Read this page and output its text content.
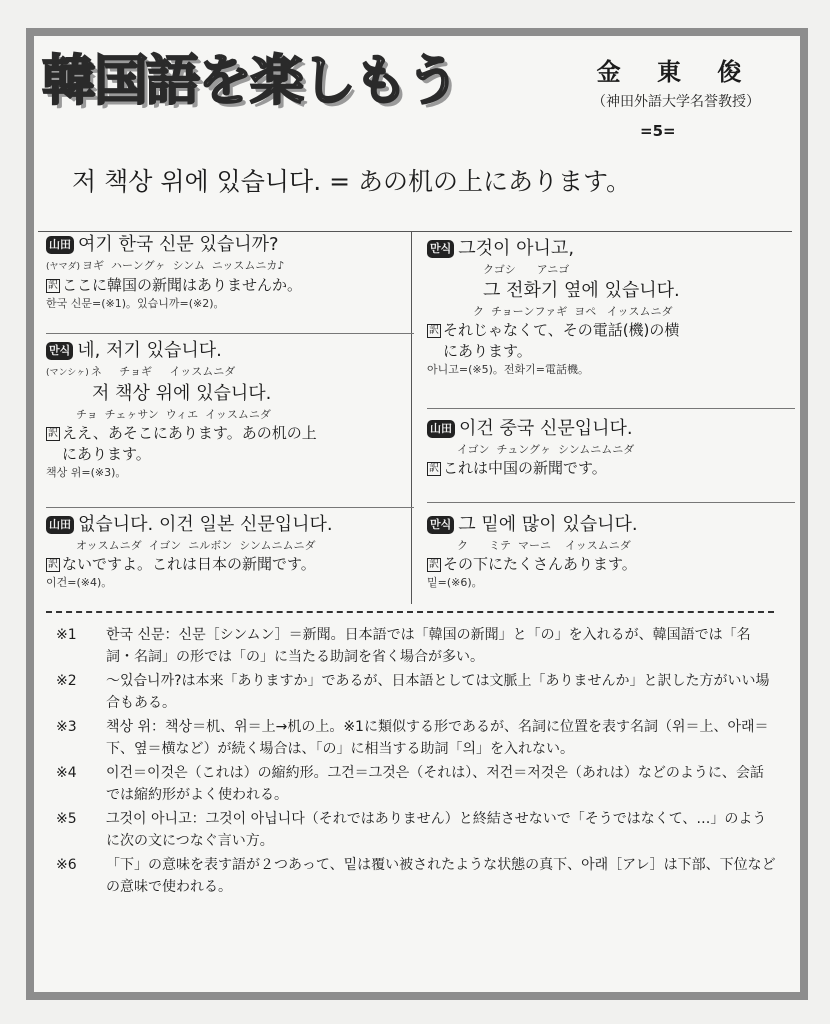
韓国語を楽しもう	金 東 俊
（神田外語大学名誉教授）
=5=
저 책상 위에 있습니다. = あの机の上にあります。
山田 여기 한국 신문 있습니까?
(ヤマダ) ヨギ  ハーングヶ  シンム  ニッスムニカ♪
訳 ここに韓国の新聞はありませんか。
한국 신문=(※1)。있습니까=(※2)。
만식 네, 저기 있습니다.
(マンシヶ) ネ     チョギ     イッスムニダ
저 책상 위에 있습니다.
チョ  チェヶサン  ウィエ  イッスムニダ
訳 ええ、あそこにあります。あの机の上
にあります。
책상 위=(※3)。
山田 없습니다. 이건 일본 신문입니다.
オッスムニダ  イゴン  ニルボン  シンムニムニダ
訳 ないですよ。これは日本の新聞です。
이건=(※4)。
만식 그것이 아니고,
クゴシ      アニゴ
그 전화기 옆에 있습니다.
ク  チョーンファギ  ヨペ   イッスムニダ
訳 それじゃなくて、その電話(機)の横
にあります。
아니고=(※5)。전화기=電話機。
山田 이건 중국 신문입니다.
イゴン  チュングヶ  シンムニムニダ
訳 これは中国の新聞です。
만식 그 밑에 많이 있습니다.
ク      ミテ  マーニ    イッスムニダ
訳 その下にたくさんあります。
밑=(※6)。
※1	한국 신문：신문［シンムン］＝新聞。日本語では「韓国の新聞」と「の」を入れるが、韓国語では「名詞・名詞」の形では「の」に当たる助詞を省く場合が多い。
※2	～있습니까?は本来「ありますか」であるが、日本語としては文脈上「ありませんか」と訳した方がいい場合もある。
※3	책상 위：책상＝机、위＝上→机の上。※1に類似する形であるが、名詞に位置を表す名詞（위＝上、아래＝下、옆＝横など）が続く場合は、「の」に相当する助詞「의」を入れない。
※4	이건＝이것은（これは）の縮約形。그건＝그것은（それは）、저건＝저것은（あれは）などのように、会話では縮約形がよく使われる。
※5	그것이 아니고：그것이 아닙니다（それではありません）と終結させないで「そうではなくて、…」のように次の文につなぐ言い方。
※6	「下」の意味を表す語が２つあって、밑は覆い被されたような状態の真下、아래［アレ］は下部、下位などの意味で使われる。
